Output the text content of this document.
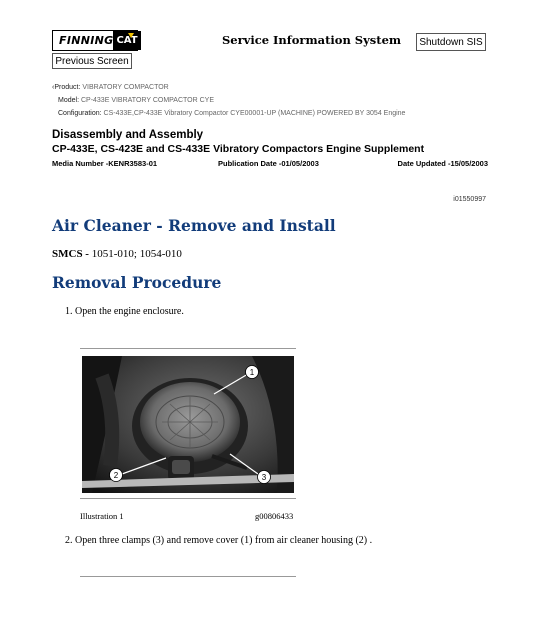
FINNING CAT	Service Information System	Shutdown SIS
Previous Screen
‹Product: VIBRATORY COMPACTOR
Model: CP-433E VIBRATORY COMPACTOR CYE
Configuration: CS-433E,CP-433E Vibratory Compactor CYE00001-UP (MACHINE) POWERED BY 3054 Engine
Disassembly and Assembly
CP-433E, CS-423E and CS-433E Vibratory Compactors Engine Supplement
Media Number -KENR3583-01	Publication Date -01/05/2003	Date Updated -15/05/2003
i01550997
Air Cleaner - Remove and Install
SMCS - 1051-010; 1054-010
Removal Procedure
1. Open the engine enclosure.
1
2	3
Illustration 1	g00806433
2. Open three clamps (3) and remove cover (1) from air cleaner housing (2) .
